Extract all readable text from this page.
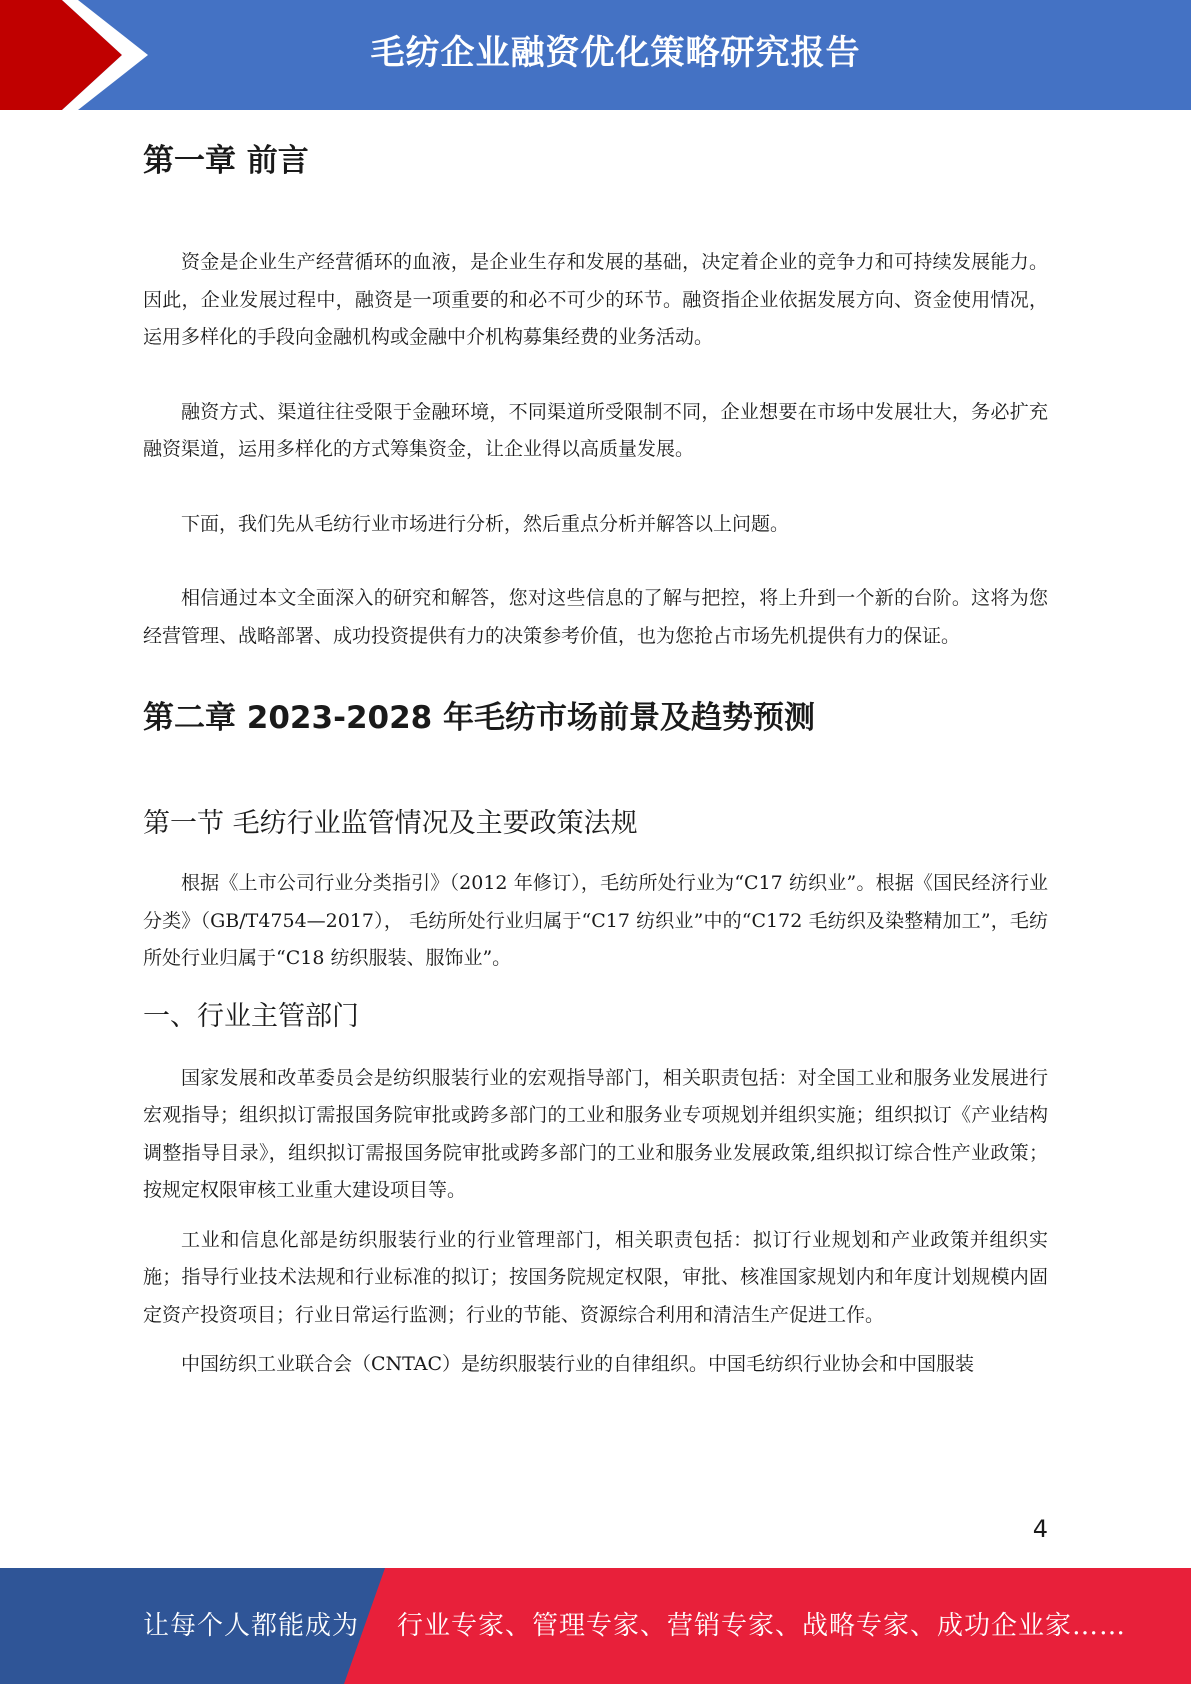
毛纺企业融资优化策略研究报告
第一章 前言

资金是企业生产经营循环的血液，是企业生存和发展的基础，决定着企业的竞争力和可持续发展能力。因此，企业发展过程中，融资是一项重要的和必不可少的环节。融资指企业依据发展方向、资金使用情况，运用多样化的手段向金融机构或金融中介机构募集经费的业务活动。

融资方式、渠道往往受限于金融环境，不同渠道所受限制不同，企业想要在市场中发展壮大，务必扩充融资渠道，运用多样化的方式筹集资金，让企业得以高质量发展。

下面，我们先从毛纺行业市场进行分析，然后重点分析并解答以上问题。

相信通过本文全面深入的研究和解答，您对这些信息的了解与把控，将上升到一个新的台阶。这将为您经营管理、战略部署、成功投资提供有力的决策参考价值，也为您抢占市场先机提供有力的保证。

第二章 2023-2028 年毛纺市场前景及趋势预测
第一节 毛纺行业监管情况及主要政策法规

根据《上市公司行业分类指引》（2012 年修订），毛纺所处行业为“C17 纺织业”。根据《国民经济行业分类》（GB/T4754—2017）， 毛纺所处行业归属于“C17 纺织业”中的“C172 毛纺织及染整精加工”，毛纺所处行业归属于“C18 纺织服装、服饰业”。

一、行业主管部门

国家发展和改革委员会是纺织服装行业的宏观指导部门，相关职责包括：对全国工业和服务业发展进行宏观指导；组织拟订需报国务院审批或跨多部门的工业和服务业专项规划并组织实施；组织拟订《产业结构调整指导目录》，组织拟订需报国务院审批或跨多部门的工业和服务业发展政策,组织拟订综合性产业政策；按规定权限审核工业重大建设项目等。

工业和信息化部是纺织服装行业的行业管理部门，相关职责包括：拟订行业规划和产业政策并组织实施；指导行业技术法规和行业标准的拟订；按国务院规定权限，审批、核准国家规划内和年度计划规模内固定资产投资项目；行业日常运行监测；行业的节能、资源综合利用和清洁生产促进工作。

中国纺织工业联合会（CNTAC）是纺织服装行业的自律组织。中国毛纺织行业协会和中国服装

4
让每个人都能成为 行业专家、管理专家、营销专家、战略专家、成功企业家……
